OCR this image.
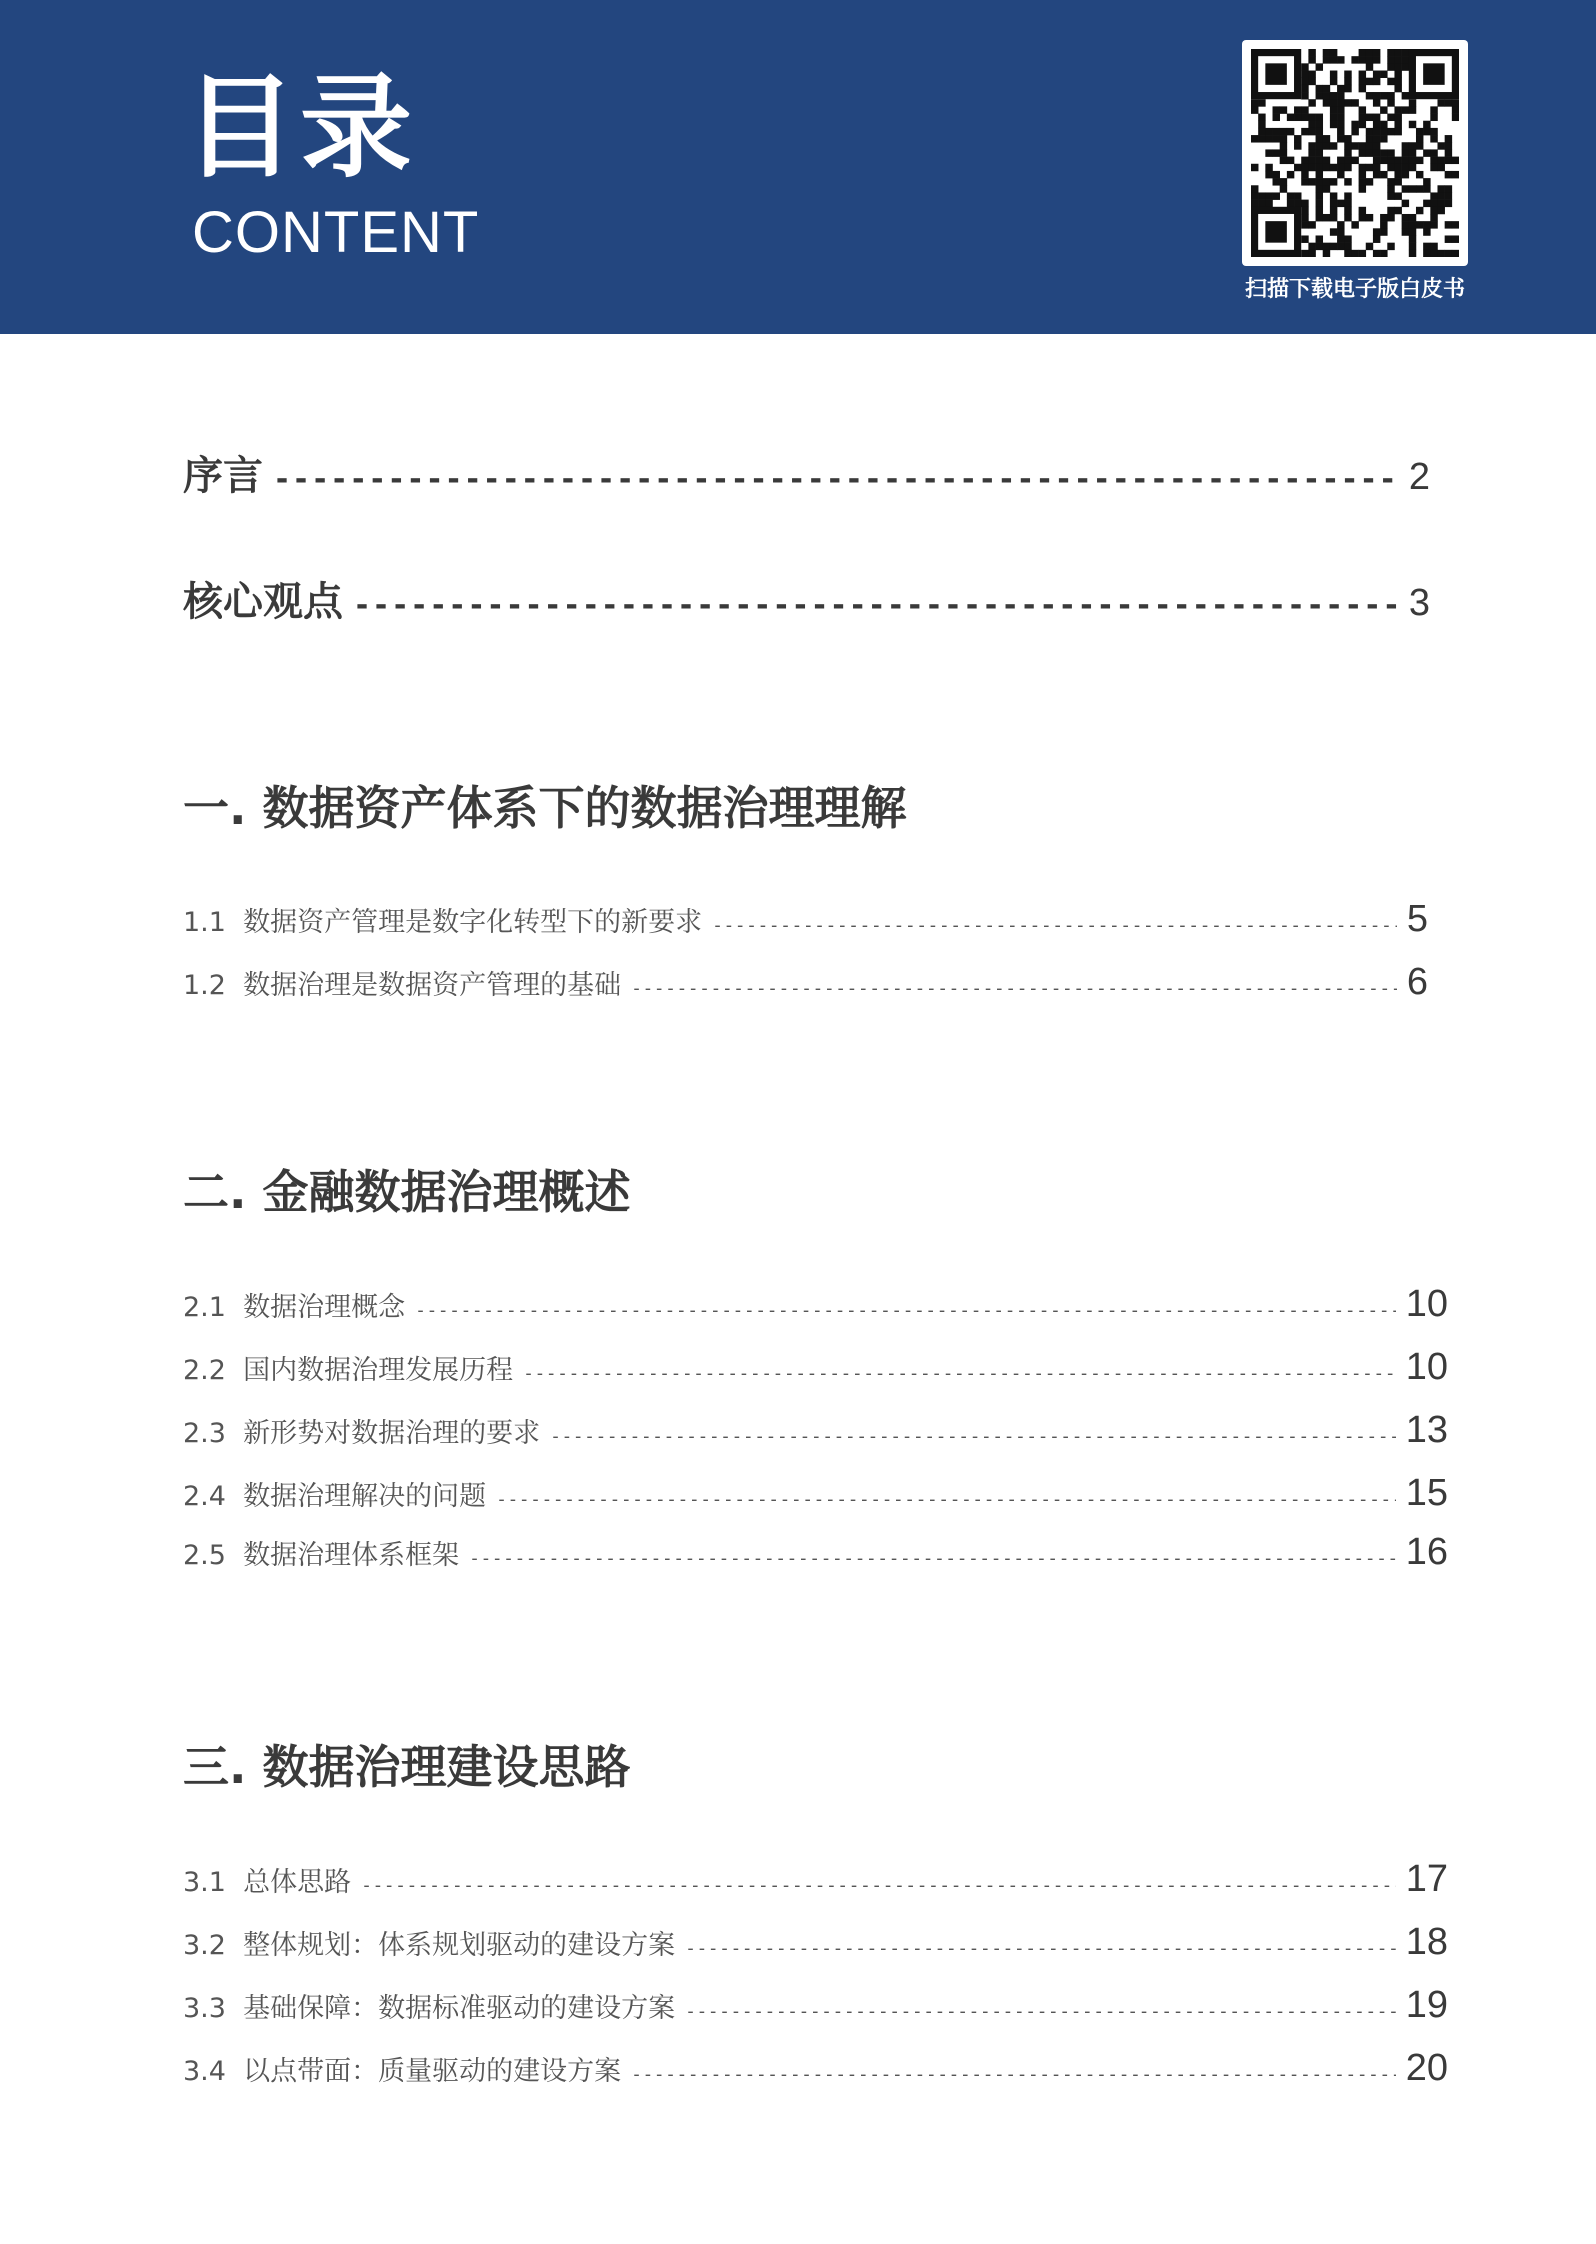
目录
CONTENT
扫描下载电子版白皮书
序言 -----	2
核心观点 -----	3
一. 数据资产体系下的数据治理理解
1.1 数据资产管理是数字化转型下的新要求 -----	5
1.2 数据治理是数据资产管理的基础 -----	6
二. 金融数据治理概述
2.1 数据治理概念 -----	10
2.2 国内数据治理发展历程 -----	10
2.3 新形势对数据治理的要求 -----	13
2.4 数据治理解决的问题 -----	15
2.5 数据治理体系框架 -----	16
三. 数据治理建设思路
3.1 总体思路 -----	17
3.2 整体规划：体系规划驱动的建设方案 -----	18
3.3 基础保障：数据标准驱动的建设方案 -----	19
3.4 以点带面：质量驱动的建设方案 -----	20
